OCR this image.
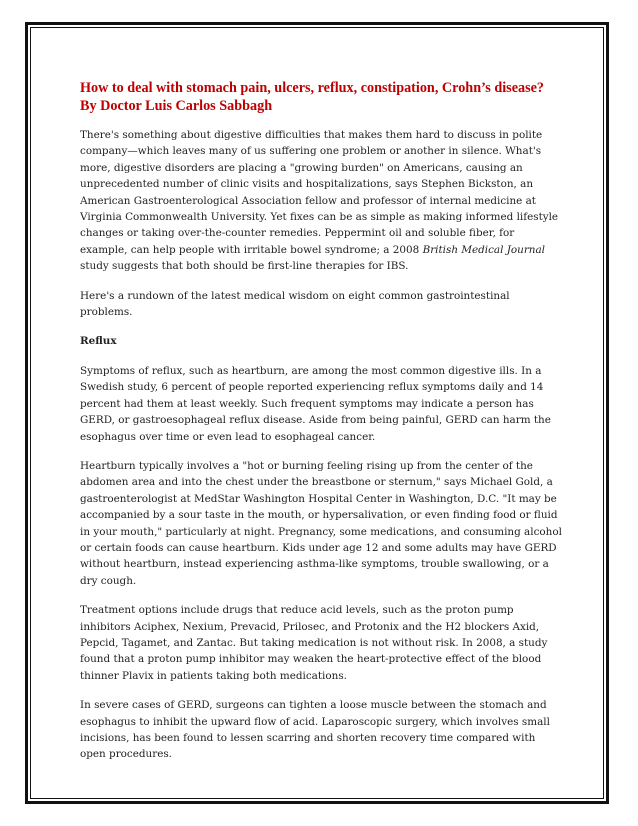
How to deal with stomach pain, ulcers, reflux, constipation, Crohn’s disease? By Doctor Luis Carlos Sabbagh

There's something about digestive difficulties that makes them hard to discuss in polite company—which leaves many of us suffering one problem or another in silence. What's more, digestive disorders are placing a "growing burden" on Americans, causing an unprecedented number of clinic visits and hospitalizations, says Stephen Bickston, an American Gastroenterological Association fellow and professor of internal medicine at Virginia Commonwealth University. Yet fixes can be as simple as making informed lifestyle changes or taking over-the-counter remedies. Peppermint oil and soluble fiber, for example, can help people with irritable bowel syndrome; a 2008 British Medical Journal study suggests that both should be first-line therapies for IBS.

Here's a rundown of the latest medical wisdom on eight common gastrointestinal problems.

Reflux

Symptoms of reflux, such as heartburn, are among the most common digestive ills. In a Swedish study, 6 percent of people reported experiencing reflux symptoms daily and 14 percent had them at least weekly. Such frequent symptoms may indicate a person has GERD, or gastroesophageal reflux disease. Aside from being painful, GERD can harm the esophagus over time or even lead to esophageal cancer.

Heartburn typically involves a "hot or burning feeling rising up from the center of the abdomen area and into the chest under the breastbone or sternum," says Michael Gold, a gastroenterologist at MedStar Washington Hospital Center in Washington, D.C. "It may be accompanied by a sour taste in the mouth, or hypersalivation, or even finding food or fluid in your mouth," particularly at night. Pregnancy, some medications, and consuming alcohol or certain foods can cause heartburn. Kids under age 12 and some adults may have GERD without heartburn, instead experiencing asthma-like symptoms, trouble swallowing, or a dry cough.

Treatment options include drugs that reduce acid levels, such as the proton pump inhibitors Aciphex, Nexium, Prevacid, Prilosec, and Protonix and the H2 blockers Axid, Pepcid, Tagamet, and Zantac. But taking medication is not without risk. In 2008, a study found that a proton pump inhibitor may weaken the heart-protective effect of the blood thinner Plavix in patients taking both medications.

In severe cases of GERD, surgeons can tighten a loose muscle between the stomach and esophagus to inhibit the upward flow of acid. Laparoscopic surgery, which involves small incisions, has been found to lessen scarring and shorten recovery time compared with open procedures.
